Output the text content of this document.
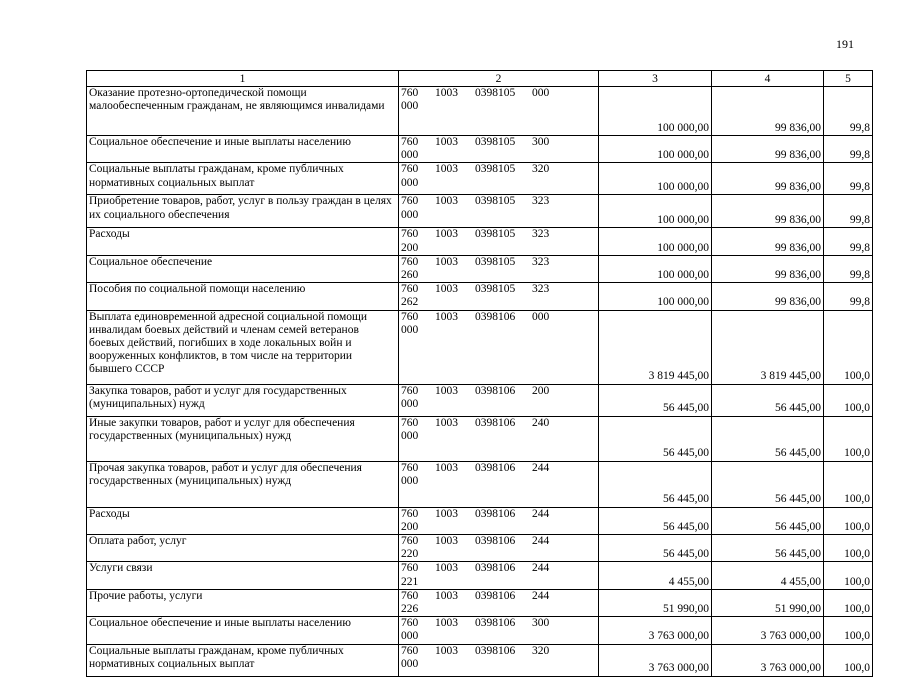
191
1	2	3	4	5
Оказание протезно-ортопедической помощи малообеспеченным гражданам, не являющимся инвалидами	760 1003 0398105 000000	100 000,00	99 836,00	99,8
Социальное обеспечение и иные выплаты населению	760 1003 0398105 300000	100 000,00	99 836,00	99,8
Социальные выплаты гражданам, кроме публичных нормативных социальных выплат	760 1003 0398105 320000	100 000,00	99 836,00	99,8
Приобретение товаров, работ, услуг в пользу граждан в целях их социального обеспечения	760 1003 0398105 323000	100 000,00	99 836,00	99,8
Расходы	760 1003 0398105 323200	100 000,00	99 836,00	99,8
Социальное обеспечение	760 1003 0398105 323260	100 000,00	99 836,00	99,8
Пособия по социальной помощи населению	760 1003 0398105 323262	100 000,00	99 836,00	99,8
Выплата единовременной адресной социальной помощи инвалидам боевых действий и членам семей ветеранов боевых действий, погибших в ходе локальных войн и вооруженных конфликтов, в том числе на территории бывшего СССР	760 1003 0398106 000000	3 819 445,00	3 819 445,00	100,0
Закупка товаров, работ и услуг для государственных (муниципальных) нужд	760 1003 0398106 200000	56 445,00	56 445,00	100,0
Иные закупки товаров, работ и услуг для обеспечения государственных (муниципальных) нужд	760 1003 0398106 240000	56 445,00	56 445,00	100,0
Прочая закупка товаров, работ и услуг для обеспечения государственных (муниципальных) нужд	760 1003 0398106 244000	56 445,00	56 445,00	100,0
Расходы	760 1003 0398106 244200	56 445,00	56 445,00	100,0
Оплата работ, услуг	760 1003 0398106 244220	56 445,00	56 445,00	100,0
Услуги связи	760 1003 0398106 244221	4 455,00	4 455,00	100,0
Прочие работы, услуги	760 1003 0398106 244226	51 990,00	51 990,00	100,0
Социальное обеспечение и иные выплаты населению	760 1003 0398106 300000	3 763 000,00	3 763 000,00	100,0
Социальные выплаты гражданам, кроме публичных нормативных социальных выплат	760 1003 0398106 320000	3 763 000,00	3 763 000,00	100,0
